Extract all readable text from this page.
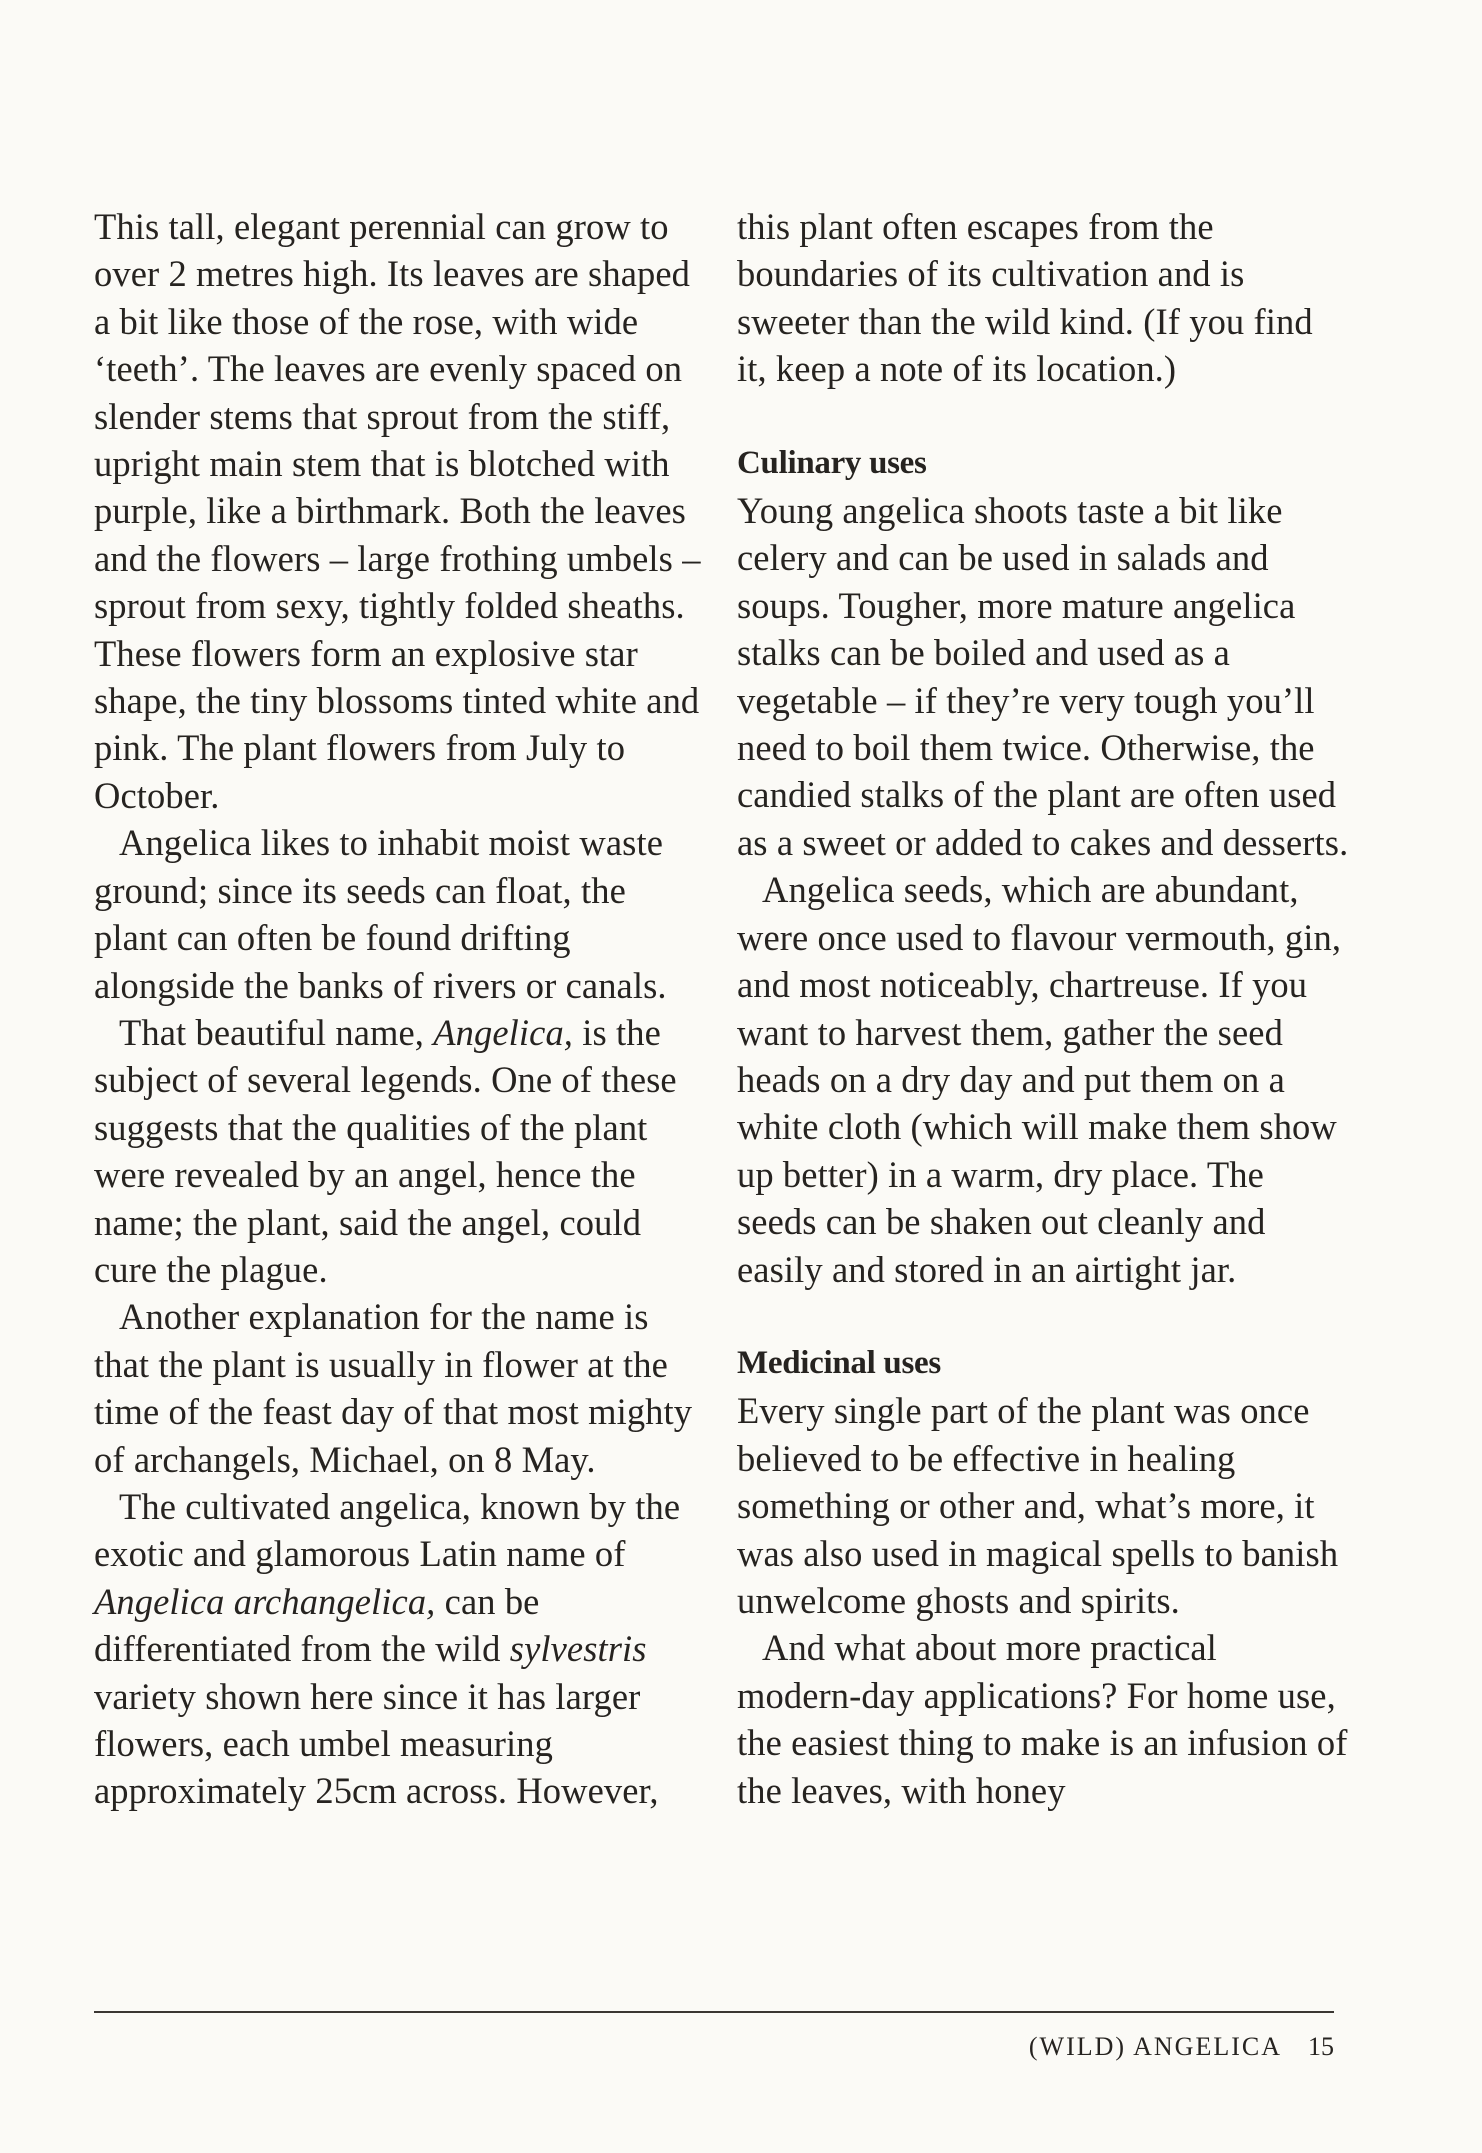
This tall, elegant perennial can grow to over 2 metres high. Its leaves are shaped a bit like those of the rose, with wide ‘teeth’. The leaves are evenly spaced on slender stems that sprout from the stiff, upright main stem that is blotched with purple, like a birthmark. Both the leaves and the flowers – large frothing umbels – sprout from sexy, tightly folded sheaths. These flowers form an explosive star shape, the tiny blossoms tinted white and pink. The plant flowers from July to October.

Angelica likes to inhabit moist waste ground; since its seeds can float, the plant can often be found drifting alongside the banks of rivers or canals.

That beautiful name, Angelica, is the subject of several legends. One of these suggests that the qualities of the plant were revealed by an angel, hence the name; the plant, said the angel, could cure the plague.

Another explanation for the name is that the plant is usually in flower at the time of the feast day of that most mighty of archangels, Michael, on 8 May.

The cultivated angelica, known by the exotic and glamorous Latin name of Angelica archangelica, can be differentiated from the wild sylvestris variety shown here since it has larger flowers, each umbel measuring approximately 25cm across. However,

this plant often escapes from the boundaries of its cultivation and is sweeter than the wild kind. (If you find it, keep a note of its location.)

Culinary uses

Young angelica shoots taste a bit like celery and can be used in salads and soups. Tougher, more mature angelica stalks can be boiled and used as a vegetable – if they’re very tough you’ll need to boil them twice. Otherwise, the candied stalks of the plant are often used as a sweet or added to cakes and desserts.

Angelica seeds, which are abundant, were once used to flavour vermouth, gin, and most noticeably, chartreuse. If you want to harvest them, gather the seed heads on a dry day and put them on a white cloth (which will make them show up better) in a warm, dry place. The seeds can be shaken out cleanly and easily and stored in an airtight jar.

Medicinal uses

Every single part of the plant was once believed to be effective in healing something or other and, what’s more, it was also used in magical spells to banish unwelcome ghosts and spirits.

And what about more practical modern-day applications? For home use, the easiest thing to make is an infusion of the leaves, with honey

(WILD) ANGELICA 15
